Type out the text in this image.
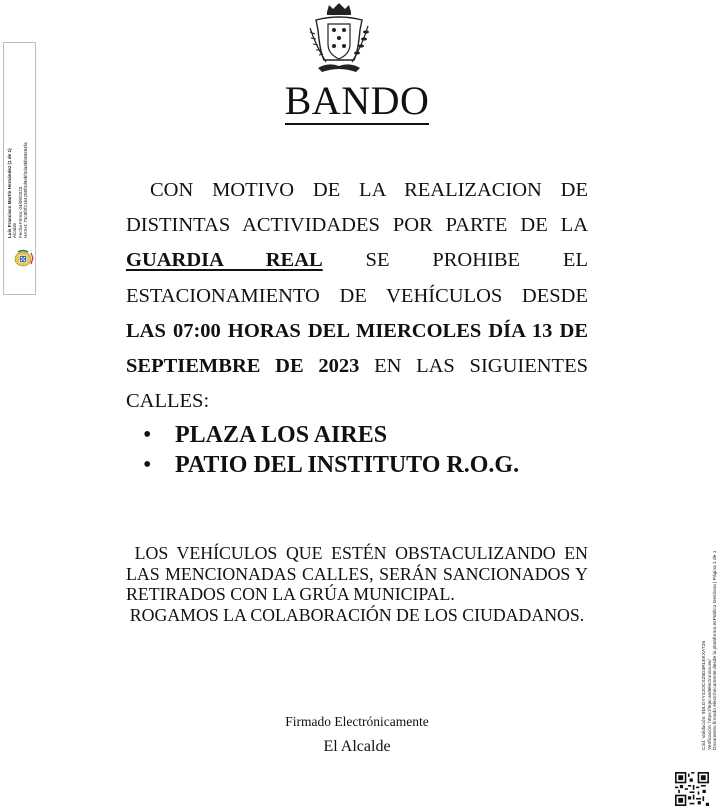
Luis Francisco Martín Hernández (1 de 1) Alcalde Fecha Firma: 04/09/2023 HASH: 73c8f0f2164285f0d9ebf3da4bb38e84fa
BANDO
CON MOTIVO DE LA REALIZACION DE DISTINTAS ACTIVIDADES POR PARTE DE LA GUARDIA REAL SE PROHIBE EL ESTACIONAMIENTO DE VEHÍCULOS DESDE LAS 07:00 HORAS DEL MIERCOLES DÍA 13 DE SEPTIEMBRE DE 2023 EN LAS SIGUIENTES CALLES:
• PLAZA LOS AIRES
• PATIO DEL INSTITUTO R.O.G.

LOS VEHÍCULOS QUE ESTÉN OBSTACULIZANDO EN LAS MENCIONADAS CALLES, SERÁN SANCIONADOS Y RETIRADOS CON LA GRÚA MUNICIPAL.

ROGAMOS LA COLABORACIÓN DE LOS CIUDADANOS.

Firmado Electrónicamente
El Alcalde	Cód. Validación: 9DLGYY42OCSZ6D3RLEKXAT26 Verificación: https://tejar.sedelectronica.es/ Documento firmado electrónicamente desde la plataforma esPublico Gestiona | Página 1 de 1
